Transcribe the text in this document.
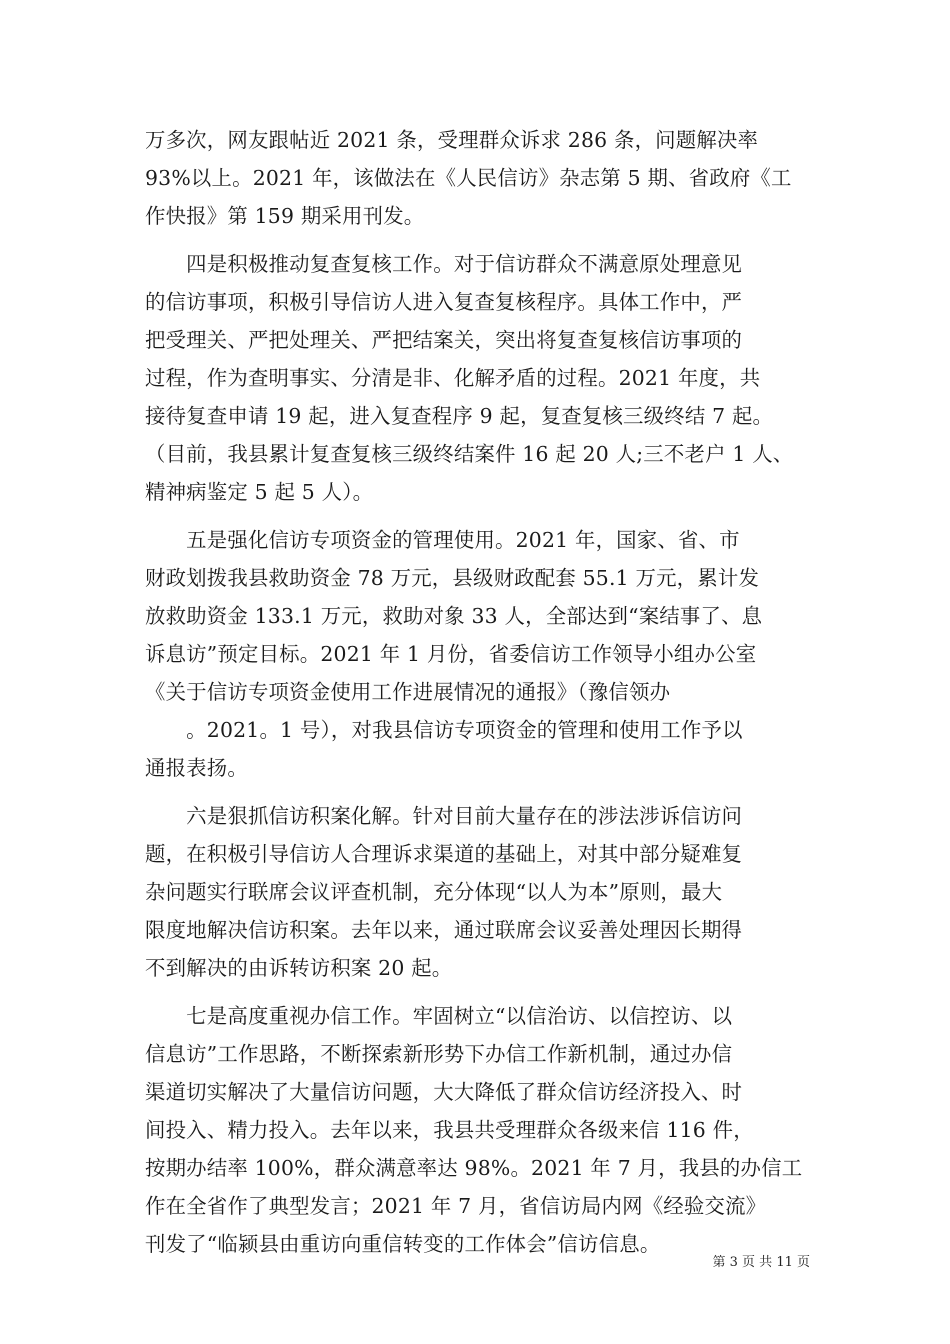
万多次，网友跟帖近 2021 条，受理群众诉求 286 条，问题解决率
93%以上。2021 年，该做法在《人民信访》杂志第 5 期、省政府《工
作快报》第 159 期采用刊发。
　　四是积极推动复查复核工作。对于信访群众不满意原处理意见
的信访事项，积极引导信访人进入复查复核程序。具体工作中，严
把受理关、严把处理关、严把结案关，突出将复查复核信访事项的
过程，作为查明事实、分清是非、化解矛盾的过程。2021 年度，共
接待复查申请 19 起，进入复查程序 9 起，复查复核三级终结 7 起。
（目前，我县累计复查复核三级终结案件 16 起 20 人;三不老户 1 人、
精神病鉴定 5 起 5 人）。
　　五是强化信访专项资金的管理使用。2021 年，国家、省、市
财政划拨我县救助资金 78 万元，县级财政配套 55.1 万元，累计发
放救助资金 133.1 万元，救助对象 33 人，全部达到“案结事了、息
诉息访”预定目标。2021 年 1 月份，省委信访工作领导小组办公室
《关于信访专项资金使用工作进展情况的通报》（豫信领办
　　。2021。1 号），对我县信访专项资金的管理和使用工作予以
通报表扬。
　　六是狠抓信访积案化解。针对目前大量存在的涉法涉诉信访问
题，在积极引导信访人合理诉求渠道的基础上，对其中部分疑难复
杂问题实行联席会议评查机制，充分体现“以人为本”原则，最大
限度地解决信访积案。去年以来，通过联席会议妥善处理因长期得
不到解决的由诉转访积案 20 起。
　　七是高度重视办信工作。牢固树立“以信治访、以信控访、以
信息访”工作思路，不断探索新形势下办信工作新机制，通过办信
渠道切实解决了大量信访问题，大大降低了群众信访经济投入、时
间投入、精力投入。去年以来，我县共受理群众各级来信 116 件，
按期办结率 100%，群众满意率达 98%。2021 年 7 月，我县的办信工
作在全省作了典型发言；2021 年 7 月，省信访局内网《经验交流》
刊发了“临颍县由重访向重信转变的工作体会”信访信息。
第 3 页 共 11 页
